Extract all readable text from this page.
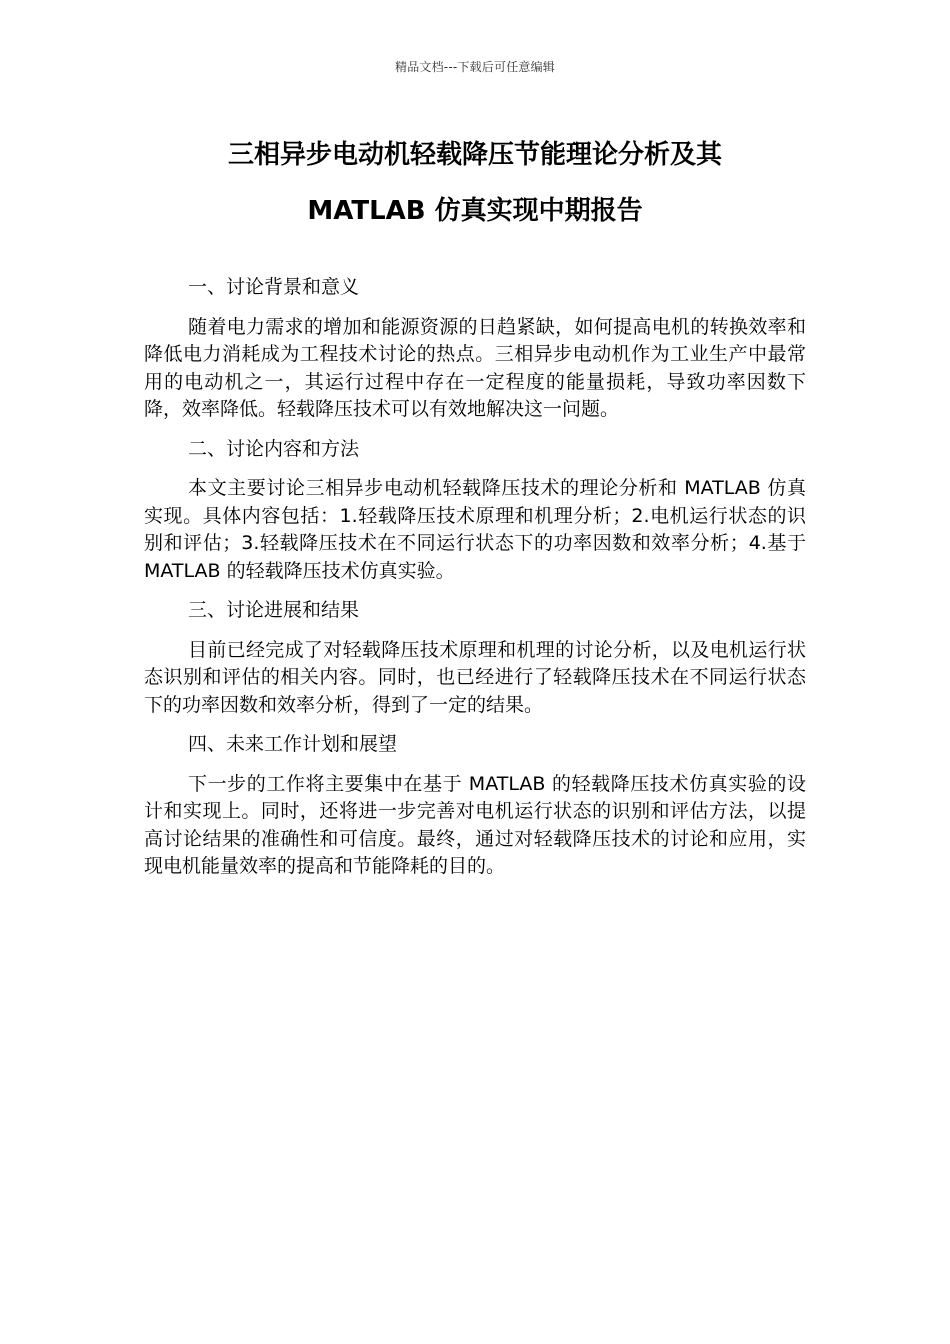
精品文档---下载后可任意编辑
三相异步电动机轻载降压节能理论分析及其
MATLAB 仿真实现中期报告
一、讨论背景和意义
随着电力需求的增加和能源资源的日趋紧缺，如何提高电机的转换效率和降低电力消耗成为工程技术讨论的热点。三相异步电动机作为工业生产中最常用的电动机之一，其运行过程中存在一定程度的能量损耗，导致功率因数下降，效率降低。轻载降压技术可以有效地解决这一问题。
二、讨论内容和方法
本文主要讨论三相异步电动机轻载降压技术的理论分析和 MATLAB 仿真实现。具体内容包括：1.轻载降压技术原理和机理分析；2.电机运行状态的识别和评估；3.轻载降压技术在不同运行状态下的功率因数和效率分析；4.基于 MATLAB 的轻载降压技术仿真实验。
三、讨论进展和结果
目前已经完成了对轻载降压技术原理和机理的讨论分析，以及电机运行状态识别和评估的相关内容。同时，也已经进行了轻载降压技术在不同运行状态下的功率因数和效率分析，得到了一定的结果。
四、未来工作计划和展望
下一步的工作将主要集中在基于 MATLAB 的轻载降压技术仿真实验的设计和实现上。同时，还将进一步完善对电机运行状态的识别和评估方法，以提高讨论结果的准确性和可信度。最终，通过对轻载降压技术的讨论和应用，实现电机能量效率的提高和节能降耗的目的。
